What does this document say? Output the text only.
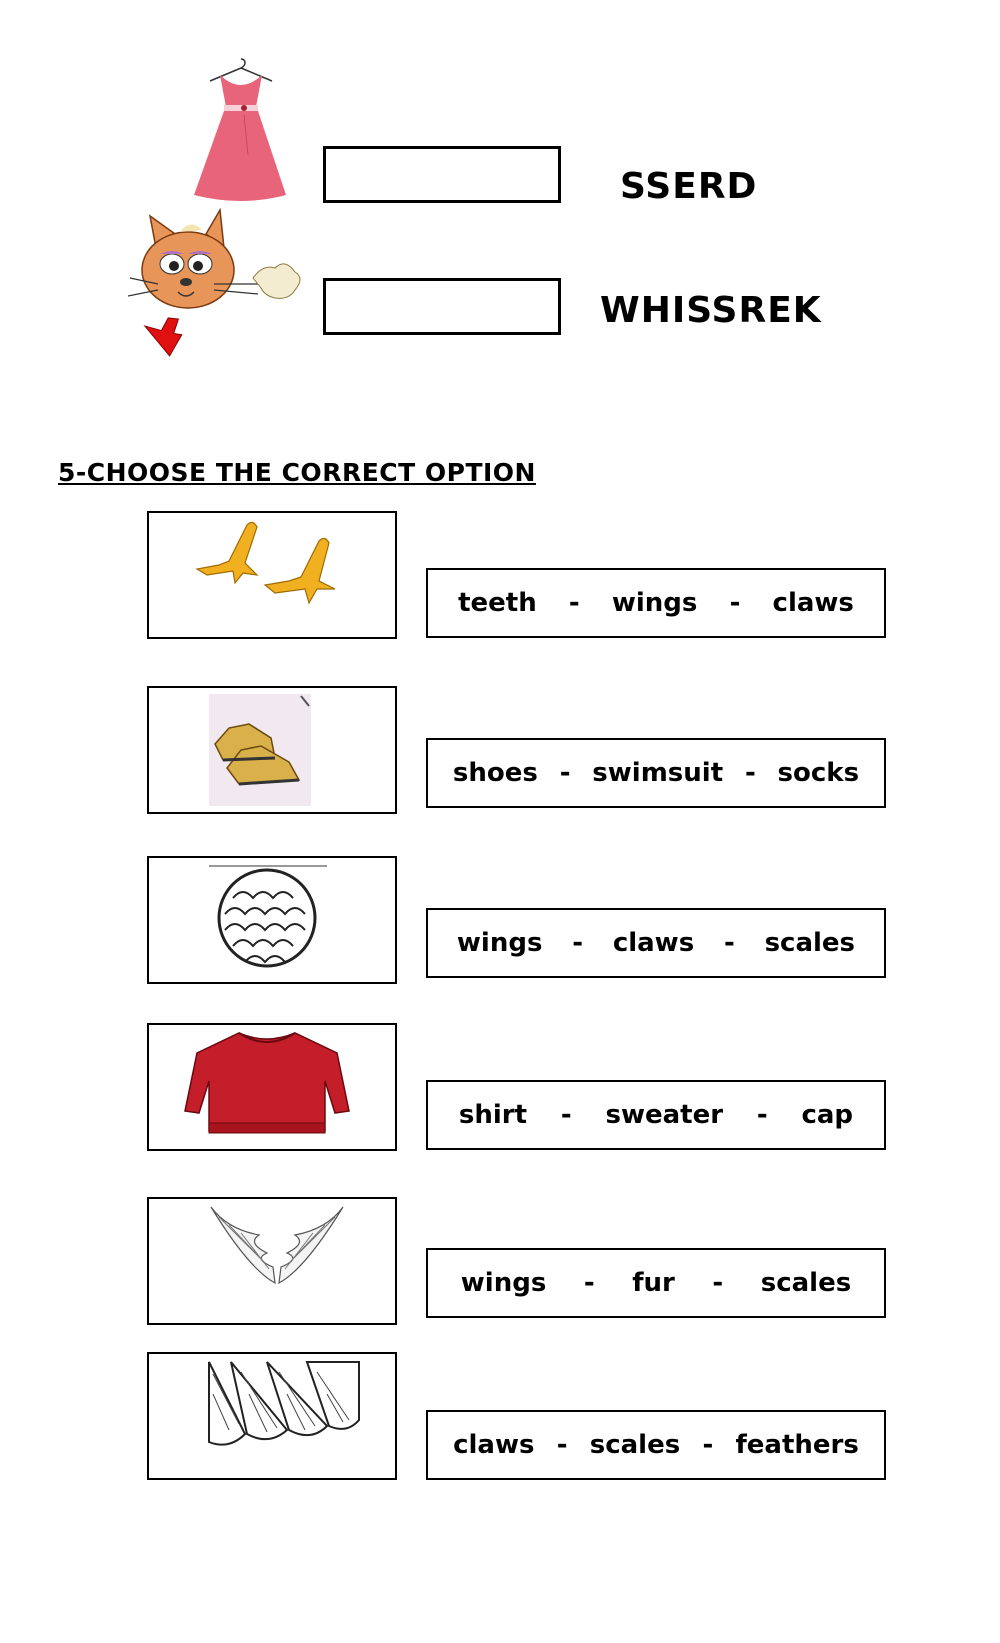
SSERD
WHISSREK
5-CHOOSE THE CORRECT OPTION
teeth - wings - claws
shoes - swimsuit - socks
wings - claws - scales
shirt - sweater - cap
wings - fur - scales
claws - scales - feathers
